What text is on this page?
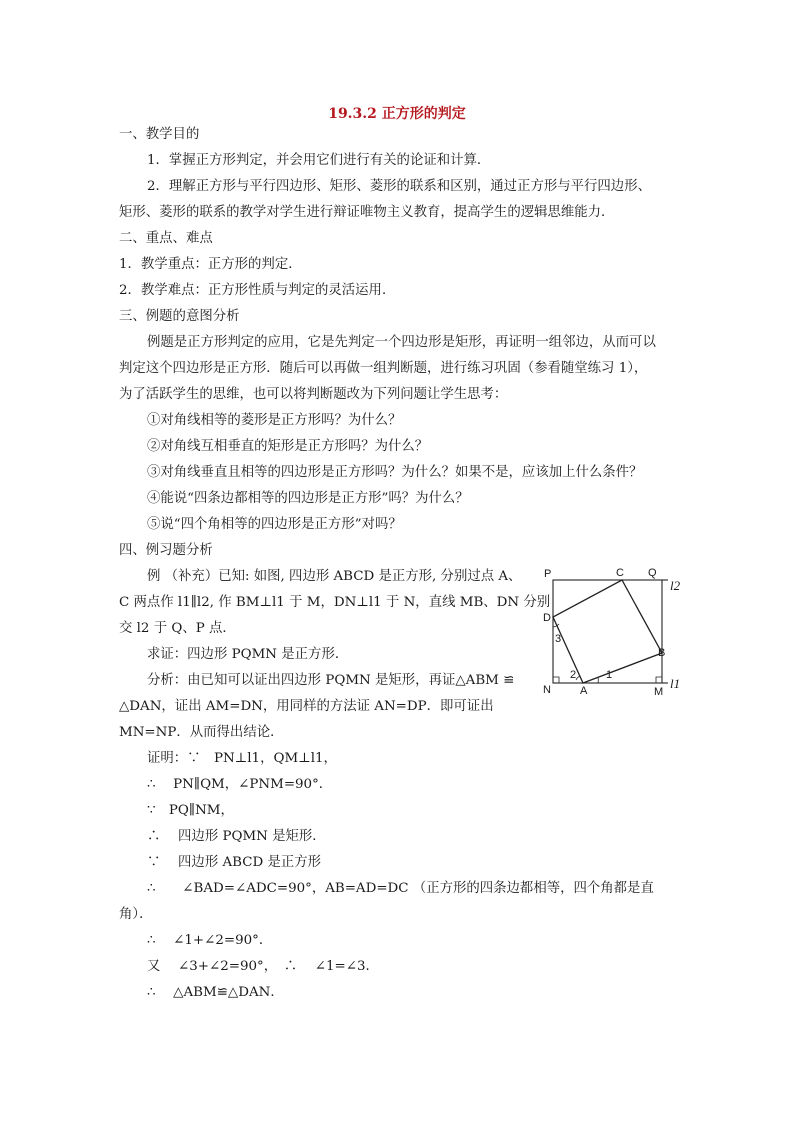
19.3.2 正方形的判定
一、教学目的
1．掌握正方形判定，并会用它们进行有关的论证和计算．
2．理解正方形与平行四边形、矩形、菱形的联系和区别，通过正方形与平行四边形、
矩形、菱形的联系的教学对学生进行辩证唯物主义教育，提高学生的逻辑思维能力．
二、重点、难点
1．教学重点：正方形的判定．
2．教学难点：正方形性质与判定的灵活运用．
三、例题的意图分析
例题是正方形判定的应用，它是先判定一个四边形是矩形，再证明一组邻边，从而可以
判定这个四边形是正方形．随后可以再做一组判断题，进行练习巩固（参看随堂练习 1），
为了活跃学生的思维，也可以将判断题改为下列问题让学生思考：
①对角线相等的菱形是正方形吗？为什么？
②对角线互相垂直的矩形是正方形吗？为什么？
③对角线垂直且相等的四边形是正方形吗？为什么？如果不是，应该加上什么条件？
④能说“四条边都相等的四边形是正方形”吗？为什么？
⑤说“四个角相等的四边形是正方形”对吗？
四、例习题分析
例 （补充）已知: 如图, 四边形 ABCD 是正方形, 分别过点 A、
C 两点作 l1∥l2, 作 BM⊥l1 于 M，DN⊥l1 于 N，直线 MB、DN 分别
交 l2 于 Q、P 点．
求证：四边形 PQMN 是正方形．
分析：由已知可以证出四边形 PQMN 是矩形，再证△ABM ≌
△DAN，证出 AM=DN，用同样的方法证 AN=DP．即可证出
MN=NP．从而得出结论．
证明：∵　PN⊥l1，QM⊥l1，
∴　 PN∥QM，∠PNM=90°．
∵　PQ∥NM，
∴　 四边形 PQMN 是矩形．
∵　 四边形 ABCD 是正方形
∴　　∠BAD=∠ADC=90°，AB=AD=DC （正方形的四条边都相等，四个角都是直
角）．
∴　 ∠1+∠2=90°．
又　 ∠3+∠2=90°，　∴　 ∠1=∠3．
∴　 △ABM≌△DAN．
P	C Q
l2
D
3
B
2	1
N	A	M
l1
